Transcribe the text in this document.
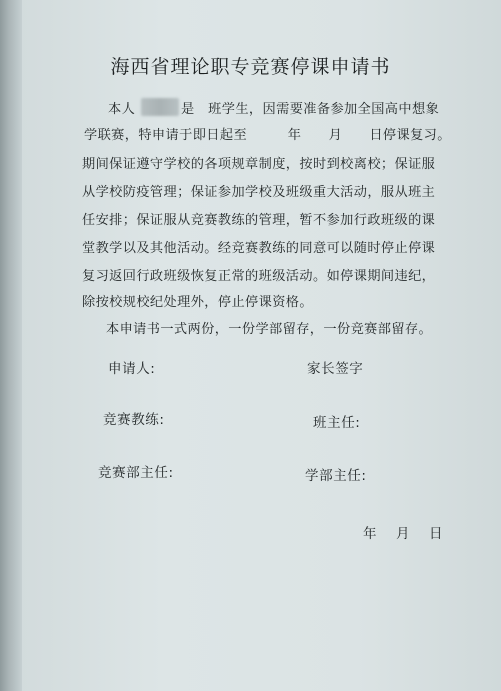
海西省理论职专竞赛停课申请书
本人	是　班学生，因需要准备参加全国高中想象
学联赛，特申请于即日起至　　　年　　月　　日停课复习。
期间保证遵守学校的各项规章制度，按时到校离校；保证服
从学校防疫管理；保证参加学校及班级重大活动，服从班主
任安排；保证服从竞赛教练的管理，暂不参加行政班级的课
堂教学以及其他活动。经竞赛教练的同意可以随时停止停课
复习返回行政班级恢复正常的班级活动。如停课期间违纪，
除按校规校纪处理外，停止停课资格。
本申请书一式两份，一份学部留存，一份竞赛部留存。
申请人:	家长签字
竞赛教练:	班主任:
竞赛部主任:	学部主任:
年　月　日
